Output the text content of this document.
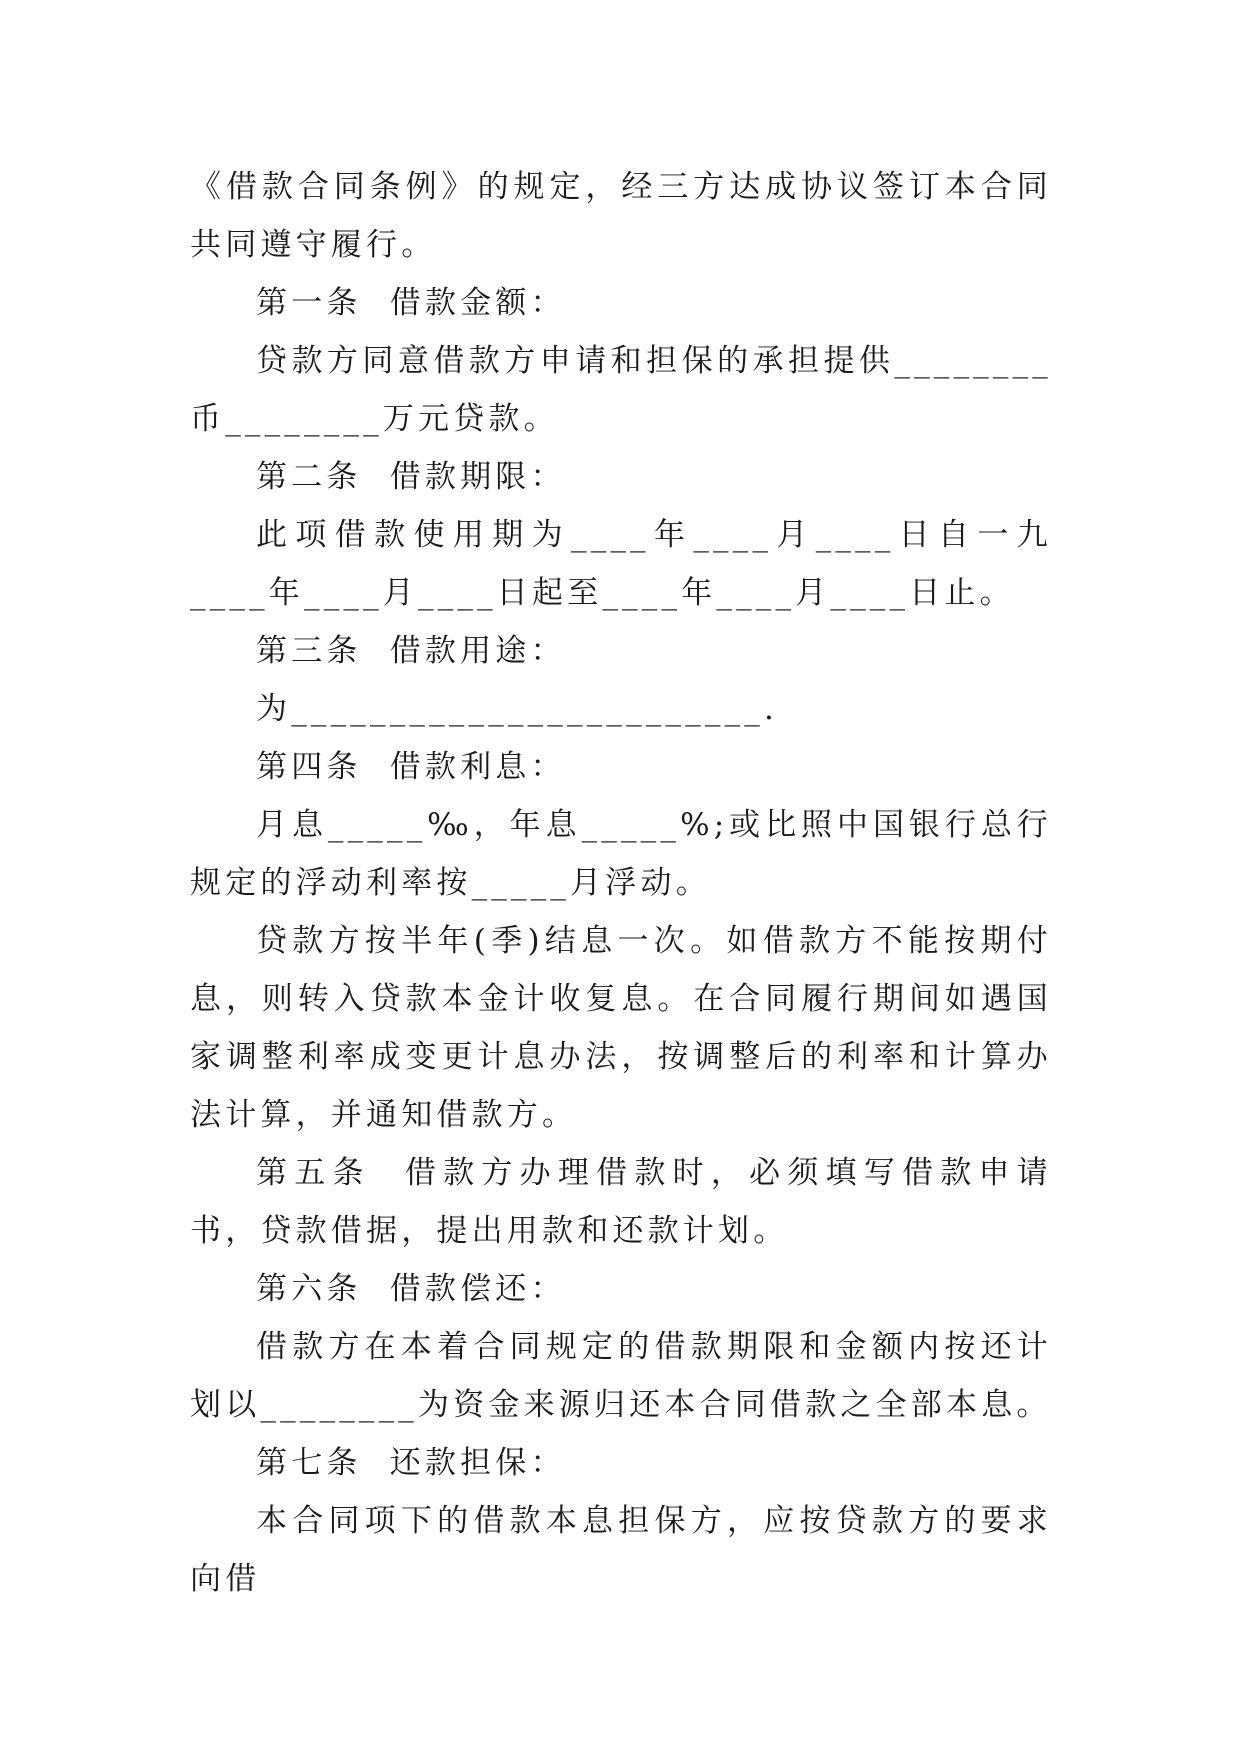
《借款合同条例》的规定，经三方达成协议签订本合同共同遵守履行。

第一条  借款金额：

贷款方同意借款方申请和担保的承担提供________币________万元贷款。

第二条  借款期限：

此项借款使用期为____年____月____日自一九____年____月____日起至____年____月____日止。

第三条  借款用途：

为________________________.

第四条  借款利息：

月息_____‰，年息_____%;或比照中国银行总行规定的浮动利率按_____月浮动。

贷款方按半年(季)结息一次。如借款方不能按期付息，则转入贷款本金计收复息。在合同履行期间如遇国家调整利率成变更计息办法，按调整后的利率和计算办法计算，并通知借款方。

第五条  借款方办理借款时，必须填写借款申请书，贷款借据，提出用款和还款计划。

第六条  借款偿还：

借款方在本着合同规定的借款期限和金额内按还计划以________为资金来源归还本合同借款之全部本息。

第七条  还款担保：

本合同项下的借款本息担保方，应按贷款方的要求向借
